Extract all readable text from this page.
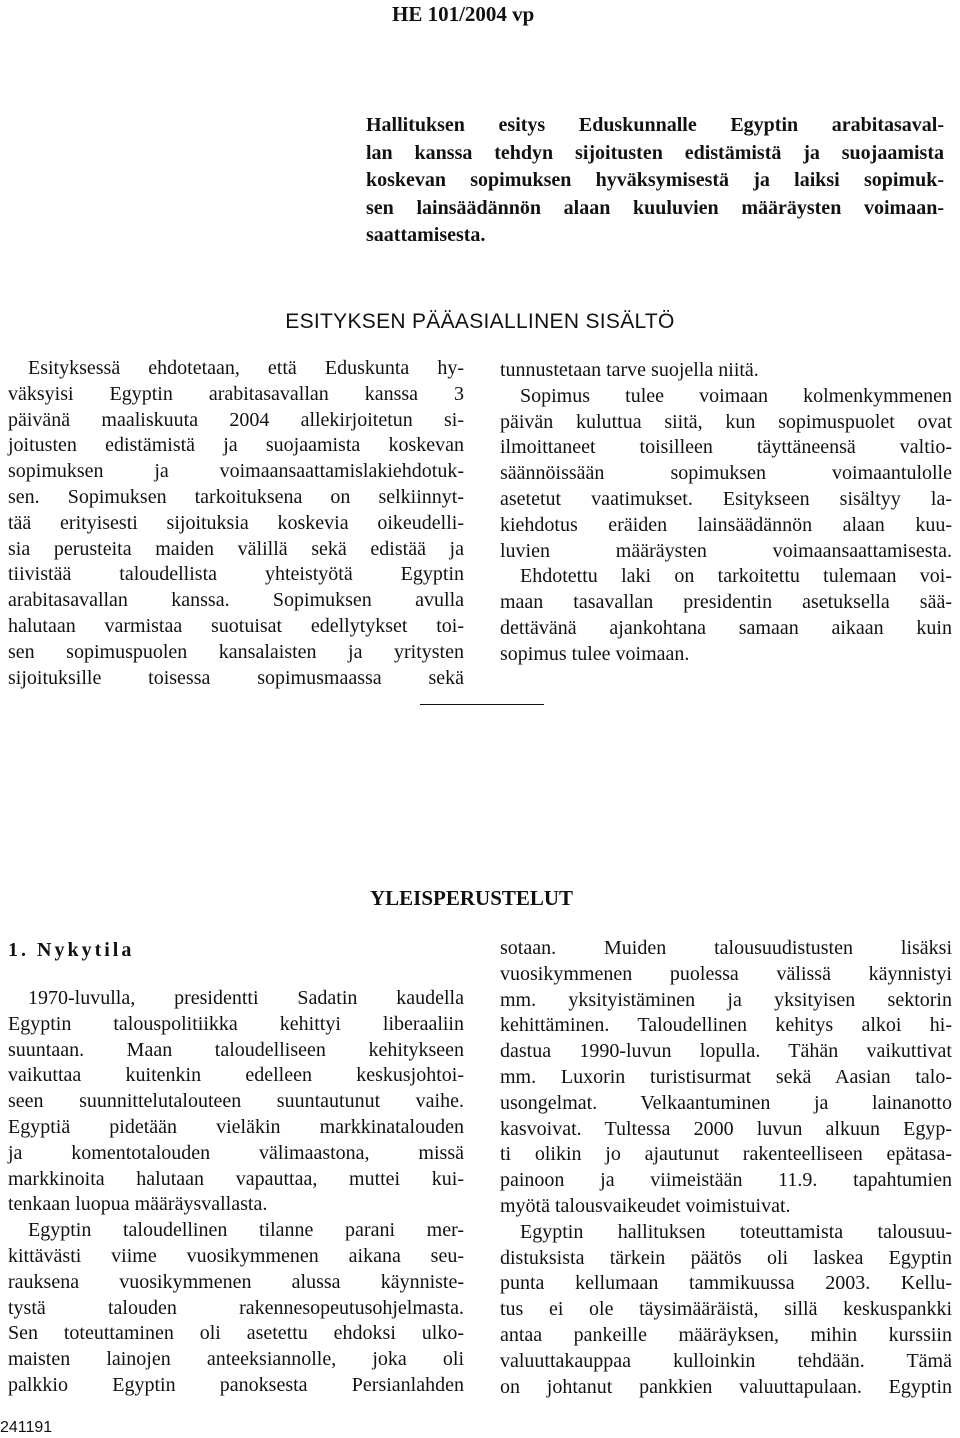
HE 101/2004 vp
Hallituksen esitys Eduskunnalle Egyptin arabitasaval-
lan kanssa tehdyn sijoitusten edistämistä ja suojaamista
koskevan sopimuksen hyväksymisestä ja laiksi sopimuk-
sen lainsäädännön alaan kuuluvien määräysten voimaan-
saattamisesta.
ESITYKSEN PÄÄASIALLINEN SISÄLTÖ
Esityksessä ehdotetaan, että Eduskunta hy-
väksyisi Egyptin arabitasavallan kanssa 3
päivänä maaliskuuta 2004 allekirjoitetun si-
joitusten edistämistä ja suojaamista koskevan
sopimuksen ja voimaansaattamislakiehdotuk-
sen. Sopimuksen tarkoituksena on selkiinnyt-
tää erityisesti sijoituksia koskevia oikeudelli-
sia perusteita maiden välillä sekä edistää ja
tiivistää taloudellista yhteistyötä Egyptin
arabitasavallan kanssa. Sopimuksen avulla
halutaan varmistaa suotuisat edellytykset toi-
sen sopimuspuolen kansalaisten ja yritysten
sijoituksille toisessa sopimusmaassa sekä
tunnustetaan tarve suojella niitä.
Sopimus tulee voimaan kolmenkymmenen
päivän kuluttua siitä, kun sopimuspuolet ovat
ilmoittaneet toisilleen täyttäneensä valtio-
säännöissään sopimuksen voimaantulolle
asetetut vaatimukset. Esitykseen sisältyy la-
kiehdotus eräiden lainsäädännön alaan kuu-
luvien määräysten voimaansaattamisesta.
Ehdotettu laki on tarkoitettu tulemaan voi-
maan tasavallan presidentin asetuksella sää-
dettävänä ajankohtana samaan aikaan kuin
sopimus tulee voimaan.
YLEISPERUSTELUT
1. Nykytila
1970-luvulla, presidentti Sadatin kaudella
Egyptin talouspolitiikka kehittyi liberaaliin
suuntaan. Maan taloudelliseen kehitykseen
vaikuttaa kuitenkin edelleen keskusjohtoi-
seen suunnittelutalouteen suuntautunut vaihe.
Egyptiä pidetään vieläkin markkinatalouden
ja komentotalouden välimaastona, missä
markkinoita halutaan vapauttaa, muttei kui-
tenkaan luopua määräysvallasta.
Egyptin taloudellinen tilanne parani mer-
kittävästi viime vuosikymmenen aikana seu-
rauksena vuosikymmenen alussa käynniste-
tystä talouden rakennesopeutusohjelmasta.
Sen toteuttaminen oli asetettu ehdoksi ulko-
maisten lainojen anteeksiannolle, joka oli
palkkio Egyptin panoksesta Persianlahden
sotaan. Muiden talousuudistusten lisäksi
vuosikymmenen puolessa välissä käynnistyi
mm. yksityistäminen ja yksityisen sektorin
kehittäminen. Taloudellinen kehitys alkoi hi-
dastua 1990-luvun lopulla. Tähän vaikuttivat
mm. Luxorin turistisurmat sekä Aasian talo-
usongelmat. Velkaantuminen ja lainanotto
kasvoivat. Tultessa 2000 luvun alkuun Egyp-
ti olikin jo ajautunut rakenteelliseen epätasa-
painoon ja viimeistään 11.9. tapahtumien
myötä talousvaikeudet voimistuivat.
Egyptin hallituksen toteuttamista talousuu-
distuksista tärkein päätös oli laskea Egyptin
punta kellumaan tammikuussa 2003. Kellu-
tus ei ole täysimääräistä, sillä keskuspankki
antaa pankeille määräyksen, mihin kurssiin
valuuttakauppaa kulloinkin tehdään. Tämä
on johtanut pankkien valuuttapulaan. Egyptin
241191
